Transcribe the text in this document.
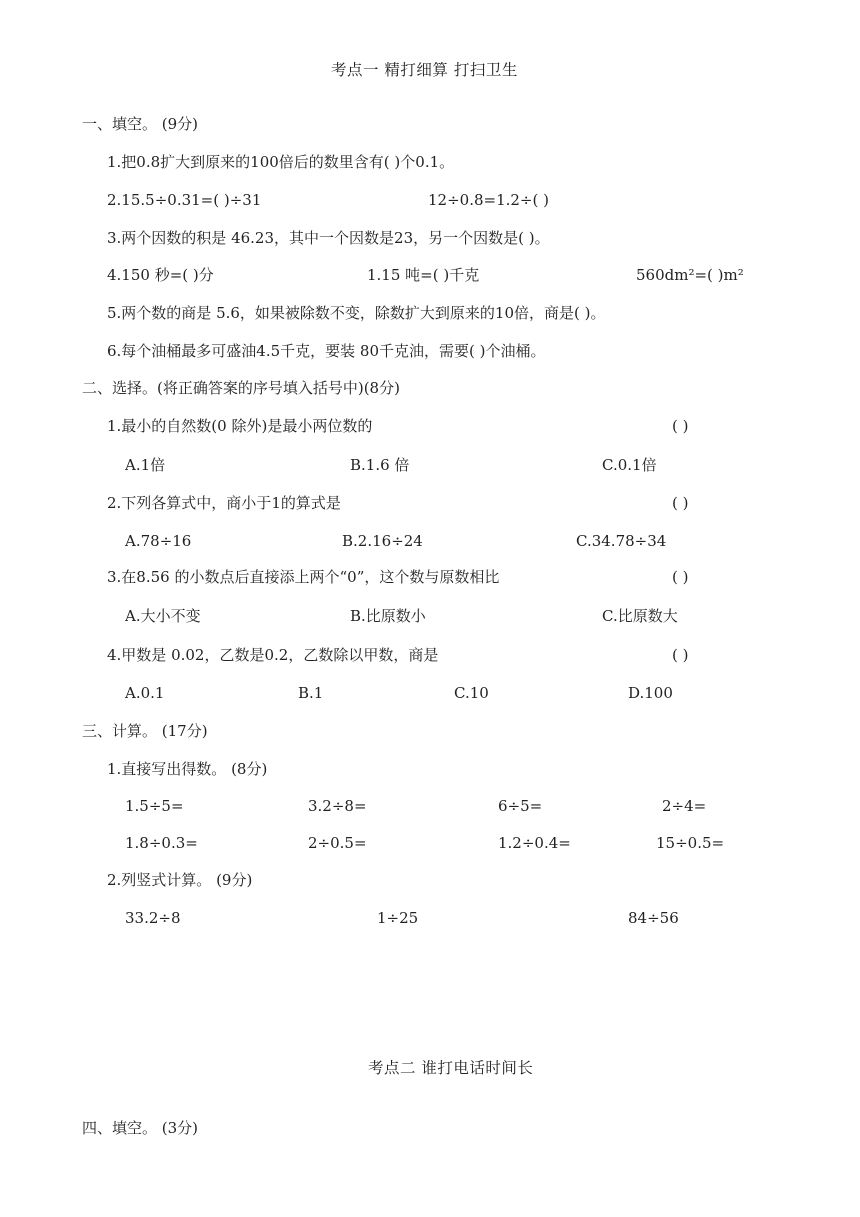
考点一 精打细算 打扫卫生
一、填空。 (9分)
1.把0.8扩大到原来的100倍后的数里含有( )个0.1。
2.15.5÷0.31=( )÷31	12÷0.8=1.2÷( )
3.两个因数的积是 46.23，其中一个因数是23，另一个因数是( )。
4.150 秒=( )分	1.15 吨=( )千克	560dm²=( )m²
5.两个数的商是 5.6，如果被除数不变，除数扩大到原来的10倍，商是( )。
6.每个油桶最多可盛油4.5千克，要装 80千克油，需要( )个油桶。
二、选择。(将正确答案的序号填入括号中)(8分)
1.最小的自然数(0 除外)是最小两位数的	( )
A.1倍	B.1.6 倍	C.0.1倍
2.下列各算式中，商小于1的算式是	( )
A.78÷16	B.2.16÷24	C.34.78÷34
3.在8.56 的小数点后直接添上两个“0”，这个数与原数相比	( )
A.大小不变	B.比原数小	C.比原数大
4.甲数是 0.02，乙数是0.2，乙数除以甲数，商是	( )
A.0.1	B.1	C.10	D.100
三、计算。 (17分)
1.直接写出得数。 (8分)
1.5÷5=	3.2÷8=	6÷5=	2÷4=
1.8÷0.3=	2÷0.5=	1.2÷0.4=	15÷0.5=
2.列竖式计算。 (9分)
33.2÷8	1÷25	84÷56
考点二 谁打电话时间长
四、填空。 (3分)
